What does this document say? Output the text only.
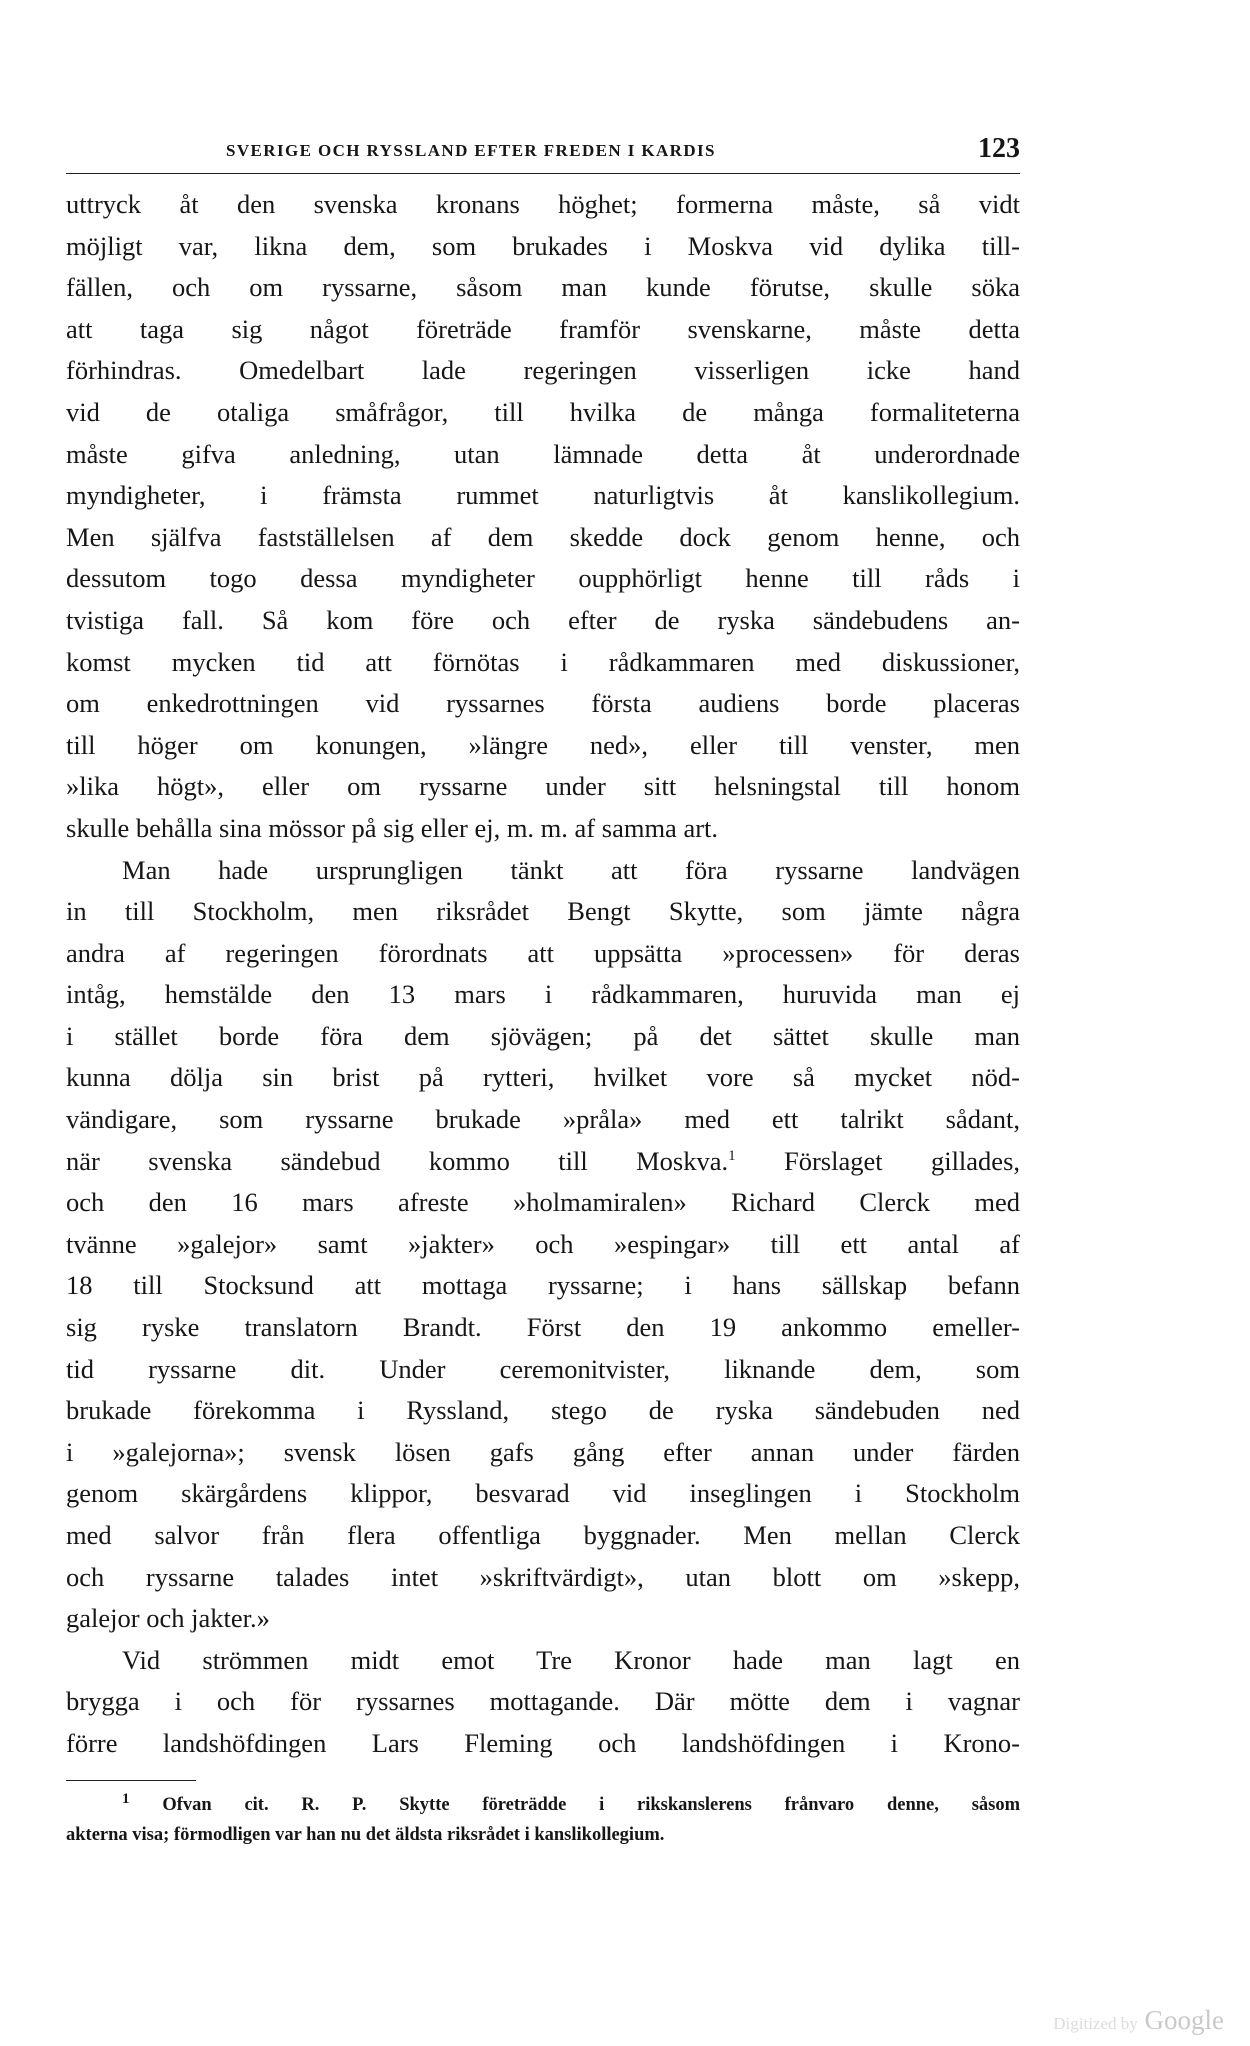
SVERIGE OCH RYSSLAND EFTER FREDEN I KARDIS	123
uttryck åt den svenska kronans höghet; formerna måste, så vidt
möjligt var, likna dem, som brukades i Moskva vid dylika till-
fällen, och om ryssarne, såsom man kunde förutse, skulle söka
att taga sig något företräde framför svenskarne, måste detta
förhindras. Omedelbart lade regeringen visserligen icke hand
vid de otaliga småfrågor, till hvilka de många formaliteterna
måste gifva anledning, utan lämnade detta åt underordnade
myndigheter, i främsta rummet naturligtvis åt kanslikollegium.
Men själfva fastställelsen af dem skedde dock genom henne, och
dessutom togo dessa myndigheter oupphörligt henne till råds i
tvistiga fall. Så kom före och efter de ryska sändebudens an-
komst mycken tid att förnötas i rådkammaren med diskussioner,
om enkedrottningen vid ryssarnes första audiens borde placeras
till höger om konungen, »längre ned», eller till venster, men
»lika högt», eller om ryssarne under sitt helsningstal till honom
skulle behålla sina mössor på sig eller ej, m. m. af samma art.
Man hade ursprungligen tänkt att föra ryssarne landvägen
in till Stockholm, men riksrådet Bengt Skytte, som jämte några
andra af regeringen förordnats att uppsätta »processen» för deras
intåg, hemstälde den 13 mars i rådkammaren, huruvida man ej
i stället borde föra dem sjövägen; på det sättet skulle man
kunna dölja sin brist på rytteri, hvilket vore så mycket nöd-
vändigare, som ryssarne brukade »pråla» med ett talrikt sådant,
när svenska sändebud kommo till Moskva.$^1$ Förslaget gillades,
och den 16 mars afreste »holmamiralen» Richard Clerck med
tvänne »galejor» samt »jakter» och »espingar» till ett antal af
18 till Stocksund att mottaga ryssarne; i hans sällskap befann
sig ryske translatorn Brandt. Först den 19 ankommo emeller-
tid ryssarne dit. Under ceremonitvister, liknande dem, som
brukade förekomma i Ryssland, stego de ryska sändebuden ned
i »galejorna»; svensk lösen gafs gång efter annan under färden
genom skärgårdens klippor, besvarad vid inseglingen i Stockholm
med salvor från flera offentliga byggnader. Men mellan Clerck
och ryssarne talades intet »skriftvärdigt», utan blott om »skepp,
galejor och jakter.»
Vid strömmen midt emot Tre Kronor hade man lagt en
brygga i och för ryssarnes mottagande. Där mötte dem i vagnar
förre landshöfdingen Lars Fleming och landshöfdingen i Krono-
$^1$ Ofvan cit. R. P. Skytte företrädde i rikskanslerens frånvaro denne, såsom
akterna visa; förmodligen var han nu det äldsta riksrådet i kanslikollegium.
Digitized by Google
